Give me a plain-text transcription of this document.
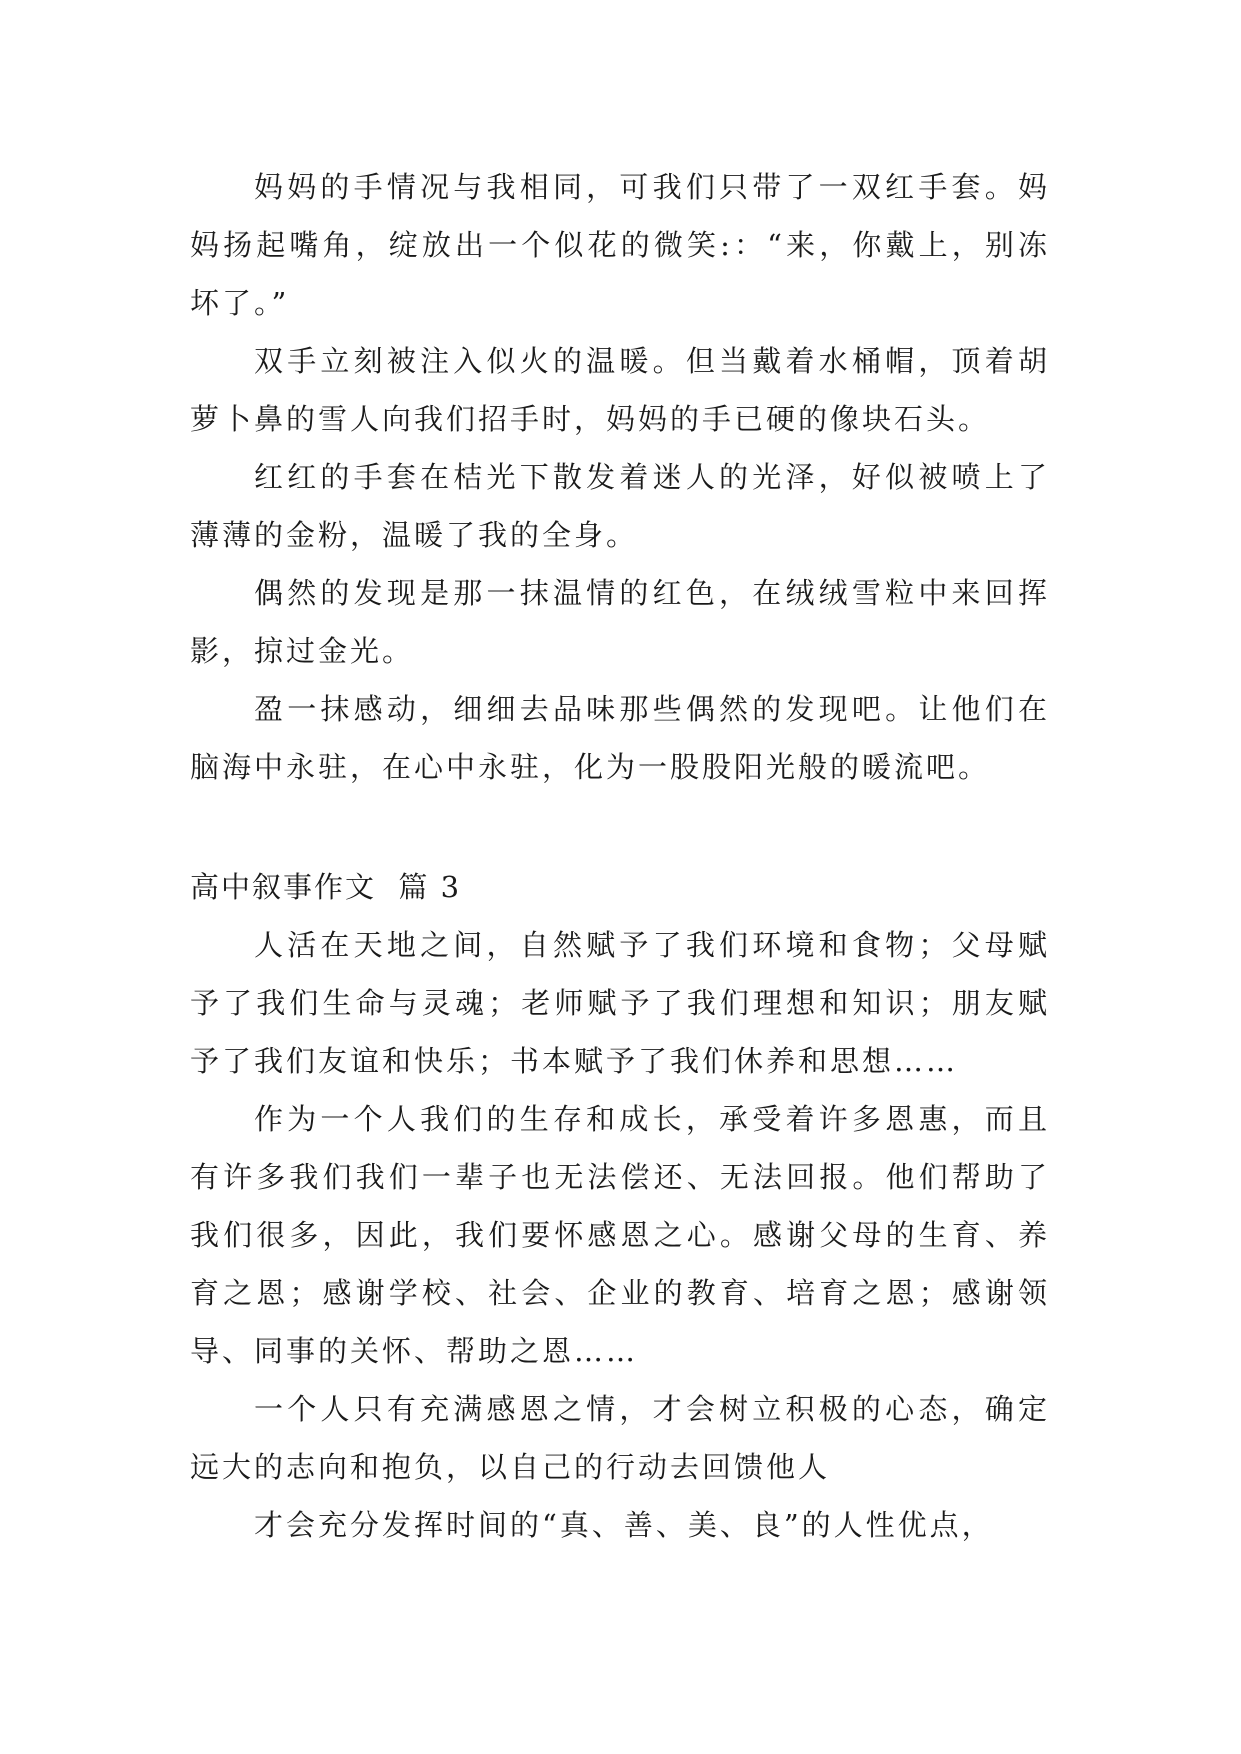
妈妈的手情况与我相同，可我们只带了一双红手套。妈妈扬起嘴角，绽放出一个似花的微笑:：“来，你戴上，别冻坏了。”

双手立刻被注入似火的温暖。但当戴着水桶帽，顶着胡萝卜鼻的雪人向我们招手时，妈妈的手已硬的像块石头。

红红的手套在桔光下散发着迷人的光泽，好似被喷上了薄薄的金粉，温暖了我的全身。

偶然的发现是那一抹温情的红色，在绒绒雪粒中来回挥影，掠过金光。

盈一抹感动，细细去品味那些偶然的发现吧。让他们在脑海中永驻，在心中永驻，化为一股股阳光般的暖流吧。

高中叙事作文  篇 3

人活在天地之间，自然赋予了我们环境和食物；父母赋予了我们生命与灵魂；老师赋予了我们理想和知识；朋友赋予了我们友谊和快乐；书本赋予了我们休养和思想……

作为一个人我们的生存和成长，承受着许多恩惠，而且有许多我们我们一辈子也无法偿还、无法回报。他们帮助了我们很多，因此，我们要怀感恩之心。感谢父母的生育、养育之恩；感谢学校、社会、企业的教育、培育之恩；感谢领导、同事的关怀、帮助之恩……

一个人只有充满感恩之情，才会树立积极的心态，确定远大的志向和抱负，以自己的行动去回馈他人

才会充分发挥时间的“真、善、美、良”的人性优点，
